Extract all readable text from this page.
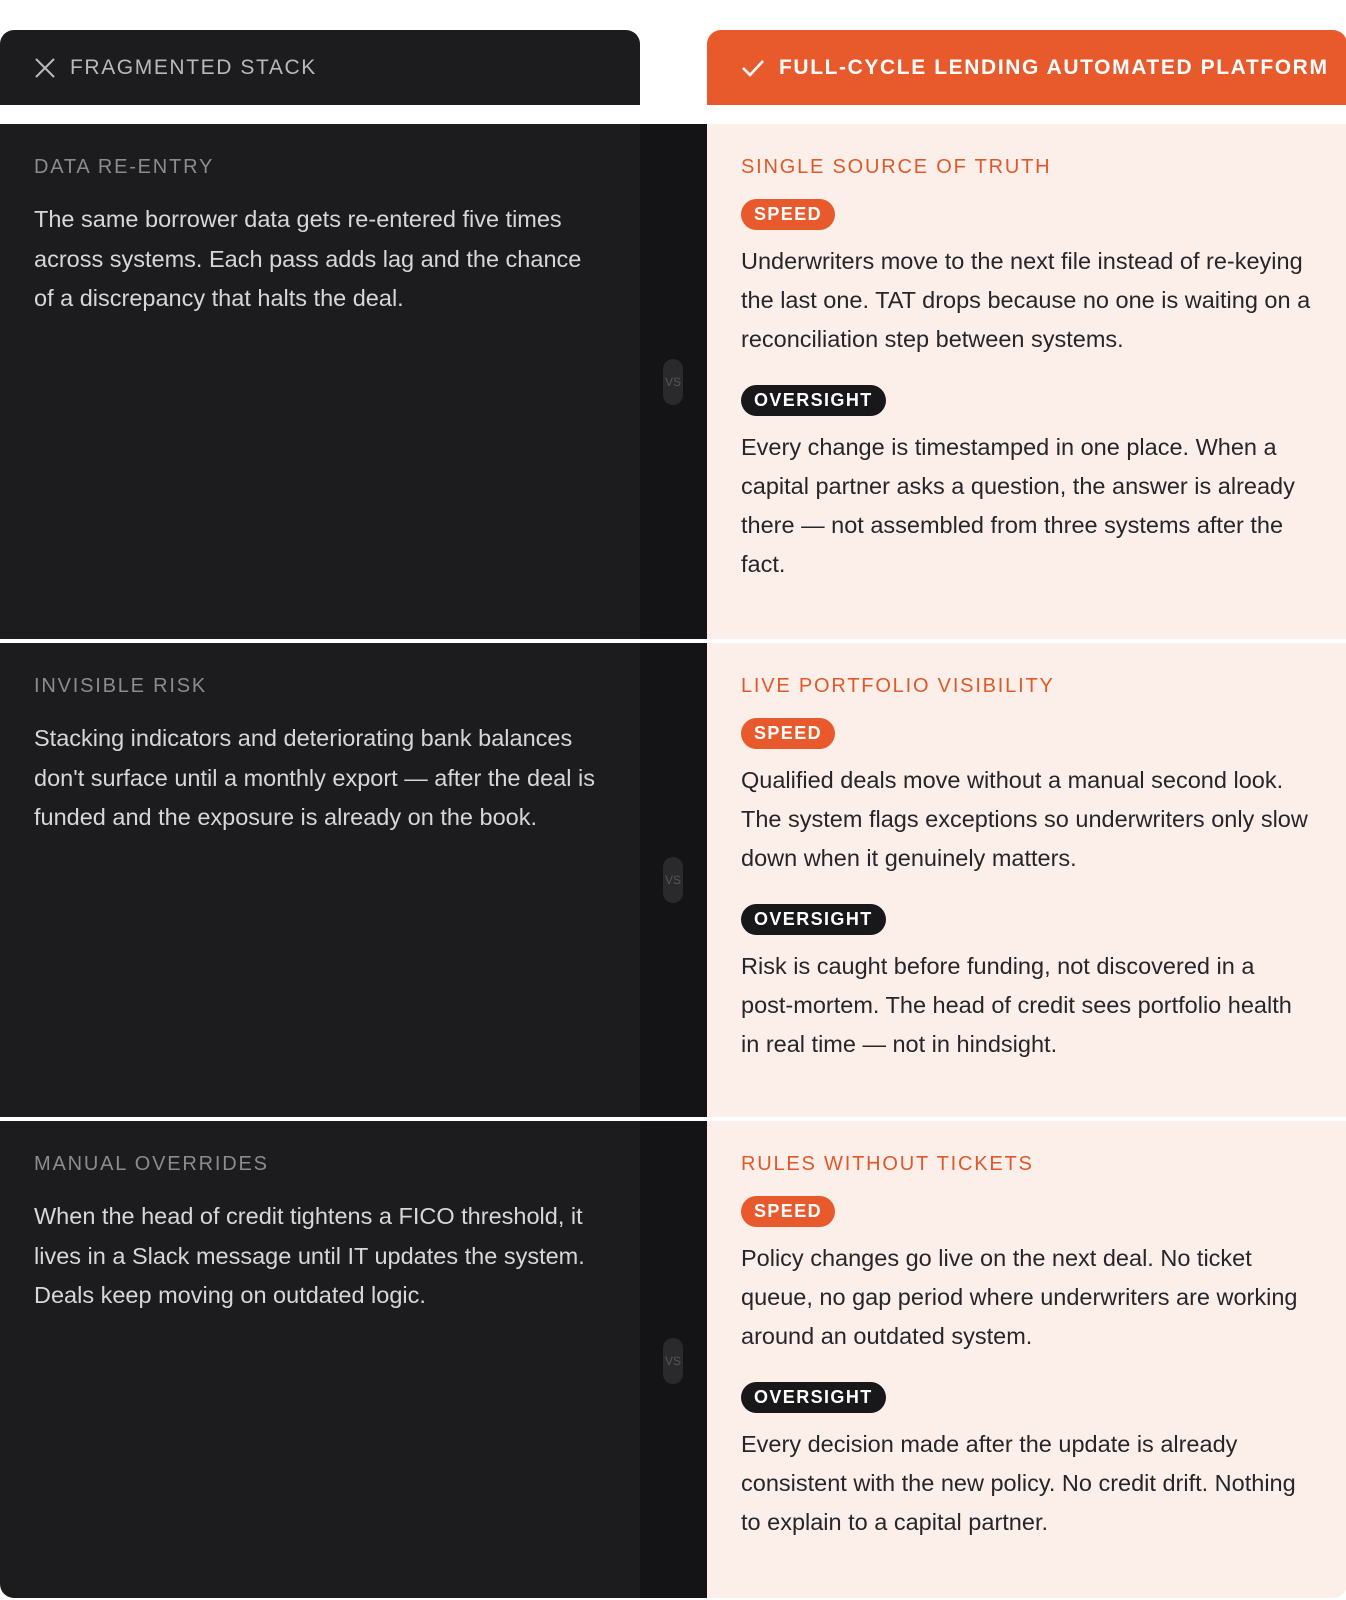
FRAGMENTED STACK	FULL-CYCLE LENDING AUTOMATED PLATFORM
DATA RE-ENTRY
The same borrower data gets re-entered five times across systems. Each pass adds lag and the chance of a discrepancy that halts the deal.
VS
SINGLE SOURCE OF TRUTH
SPEED
Underwriters move to the next file instead of re-keying the last one. TAT drops because no one is waiting on a reconciliation step between systems.
OVERSIGHT
Every change is timestamped in one place. When a capital partner asks a question, the answer is already there — not assembled from three systems after the fact.
INVISIBLE RISK
Stacking indicators and deteriorating bank balances don't surface until a monthly export — after the deal is funded and the exposure is already on the book.
VS
LIVE PORTFOLIO VISIBILITY
SPEED
Qualified deals move without a manual second look. The system flags exceptions so underwriters only slow down when it genuinely matters.
OVERSIGHT
Risk is caught before funding, not discovered in a post-mortem. The head of credit sees portfolio health in real time — not in hindsight.
MANUAL OVERRIDES
When the head of credit tightens a FICO threshold, it lives in a Slack message until IT updates the system. Deals keep moving on outdated logic.
VS
RULES WITHOUT TICKETS
SPEED
Policy changes go live on the next deal. No ticket queue, no gap period where underwriters are working around an outdated system.
OVERSIGHT
Every decision made after the update is already consistent with the new policy. No credit drift. Nothing to explain to a capital partner.
